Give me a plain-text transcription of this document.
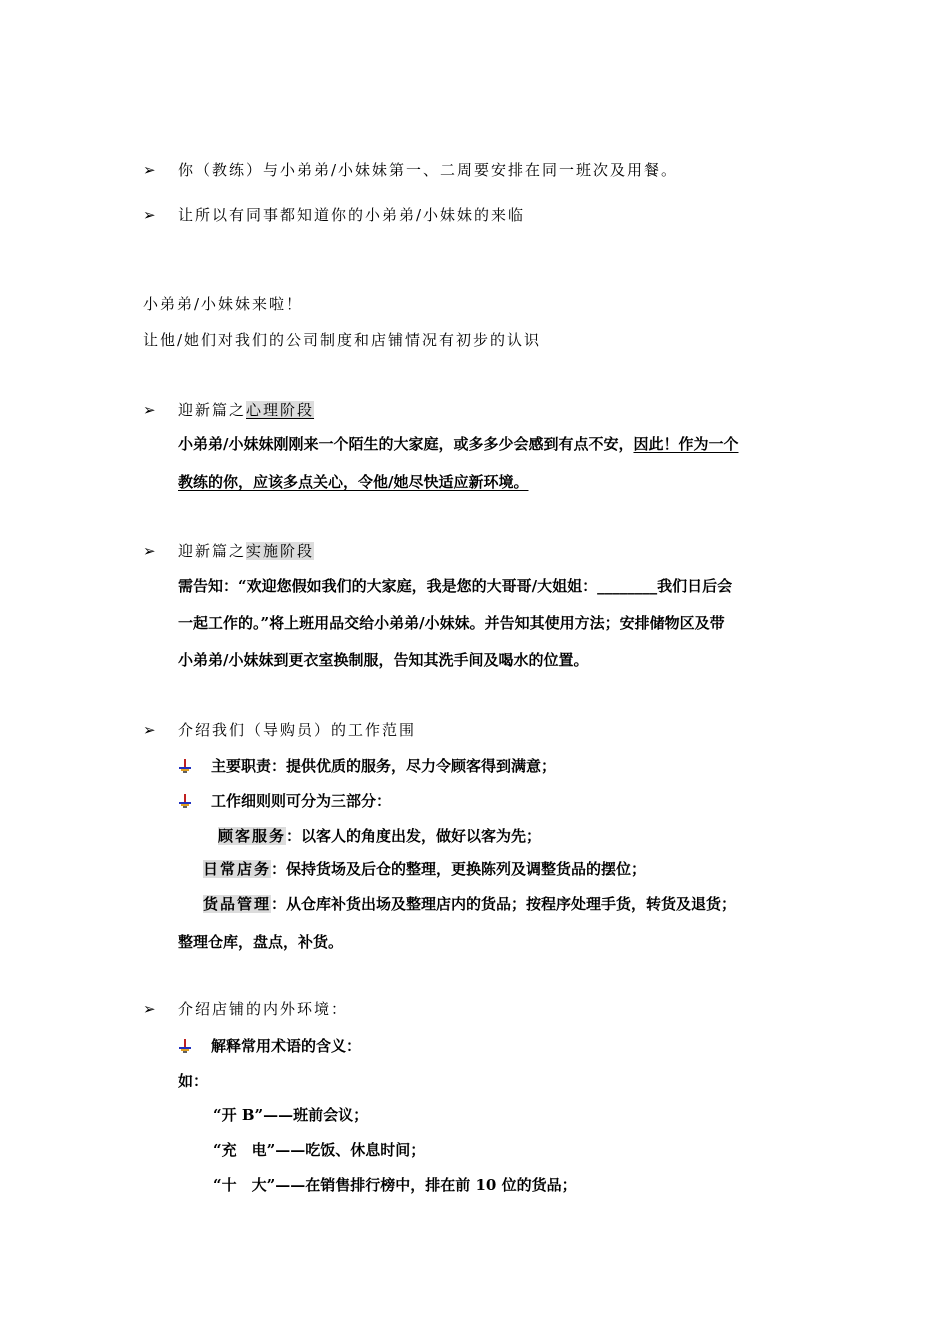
➢ 你（教练）与小弟弟/小妹妹第一、二周要安排在同一班次及用餐。
➢ 让所以有同事都知道你的小弟弟/小妹妹的来临
小弟弟/小妹妹来啦！
让他/她们对我们的公司制度和店铺情况有初步的认识
➢ 迎新篇之心理阶段
小弟弟/小妹妹刚刚来一个陌生的大家庭，或多多少会感到有点不安，因此！作为一个
教练的你，应该多点关心，令他/她尽快适应新环境。
➢ 迎新篇之实施阶段
需告知：“欢迎您假如我们的大家庭，我是您的大哥哥/大姐姐：________我们日后会
一起工作的。”将上班用品交给小弟弟/小妹妹。并告知其使用方法；安排储物区及带
小弟弟/小妹妹到更衣室换制服，告知其洗手间及喝水的位置。
➢ 介绍我们（导购员）的工作范围
主要职责：提供优质的服务，尽力令顾客得到满意；
工作细则则可分为三部分：
顾客服务：以客人的角度出发，做好以客为先；
日常店务：保持货场及后仓的整理，更换陈列及调整货品的摆位；
货品管理：从仓库补货出场及整理店内的货品；按程序处理手货，转货及退货；
整理仓库，盘点，补货。
➢ 介绍店铺的内外环境：
解释常用术语的含义：
如：
“开 B”——班前会议；
“充　电”——吃饭、休息时间；
“十　大”——在销售排行榜中，排在前 10 位的货品；
